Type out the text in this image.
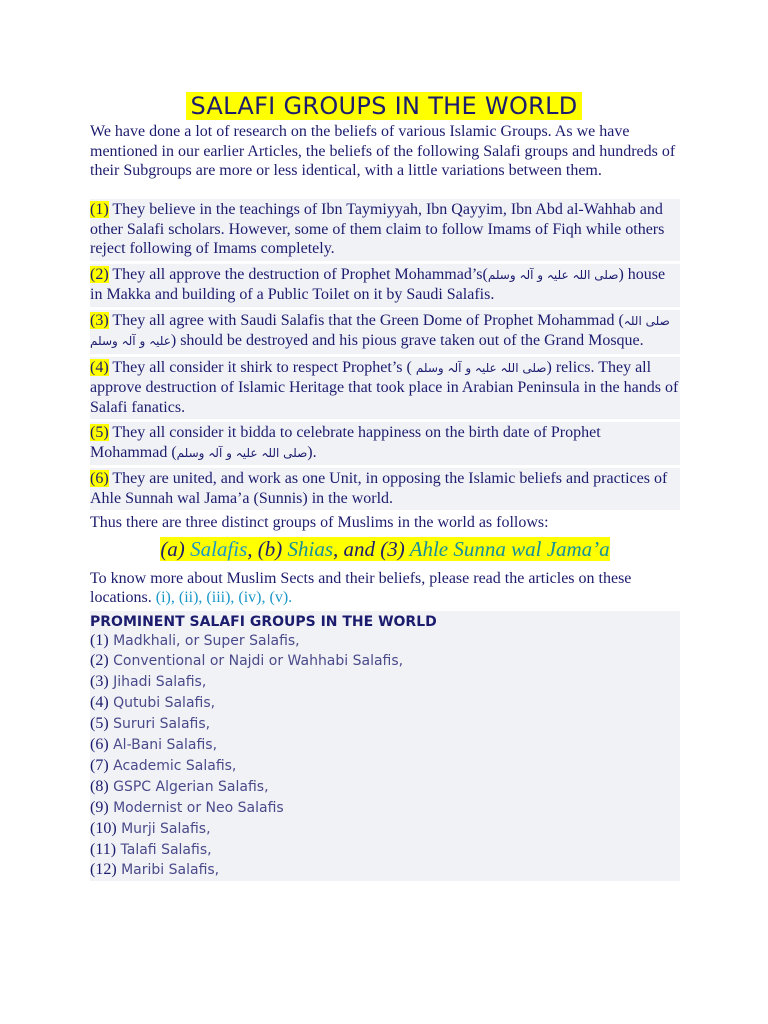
SALAFI GROUPS IN THE WORLD

We have done a lot of research on the beliefs of various Islamic Groups. As we have mentioned in our earlier Articles, the beliefs of the following Salafi groups and hundreds of their Subgroups are more or less identical, with a little variations between them.

(1) They believe in the teachings of Ibn Taymiyyah, Ibn Qayyim, Ibn Abd al-Wahhab and other Salafi scholars. However, some of them claim to follow Imams of Fiqh while others reject following of Imams completely.
(2) They all approve the destruction of Prophet Mohammad’s(صلی اللہ علیہ و آلہ وسلم) house in Makka and building of a Public Toilet on it by Saudi Salafis.
(3) They all agree with Saudi Salafis that the Green Dome of Prophet Mohammad (صلی اللہ علیہ و آلہ وسلم) should be destroyed and his pious grave taken out of the Grand Mosque.
(4) They all consider it shirk to respect Prophet’s ( صلی اللہ علیہ و آلہ وسلم) relics. They all approve destruction of Islamic Heritage that took place in Arabian Peninsula in the hands of Salafi fanatics.
(5) They all consider it bidda to celebrate happiness on the birth date of Prophet Mohammad (صلی اللہ علیہ و آلہ وسلم).
(6) They are united, and work as one Unit, in opposing the Islamic beliefs and practices of Ahle Sunnah wal Jama’a (Sunnis) in the world.

Thus there are three distinct groups of Muslims in the world as follows:

(a) Salafis, (b) Shias, and (3) Ahle Sunna wal Jama’a

To know more about Muslim Sects and their beliefs, please read the articles on these locations. (i), (ii), (iii), (iv), (v).

PROMINENT SALAFI GROUPS IN THE WORLD
(1) Madkhali, or Super Salafis,
(2) Conventional or Najdi or Wahhabi Salafis,
(3) Jihadi Salafis,
(4) Qutubi Salafis,
(5) Sururi Salafis,
(6) Al-Bani Salafis,
(7) Academic Salafis,
(8) GSPC Algerian Salafis,
(9) Modernist or Neo Salafis
(10) Murji Salafis,
(11) Talafi Salafis,
(12) Maribi Salafis,
